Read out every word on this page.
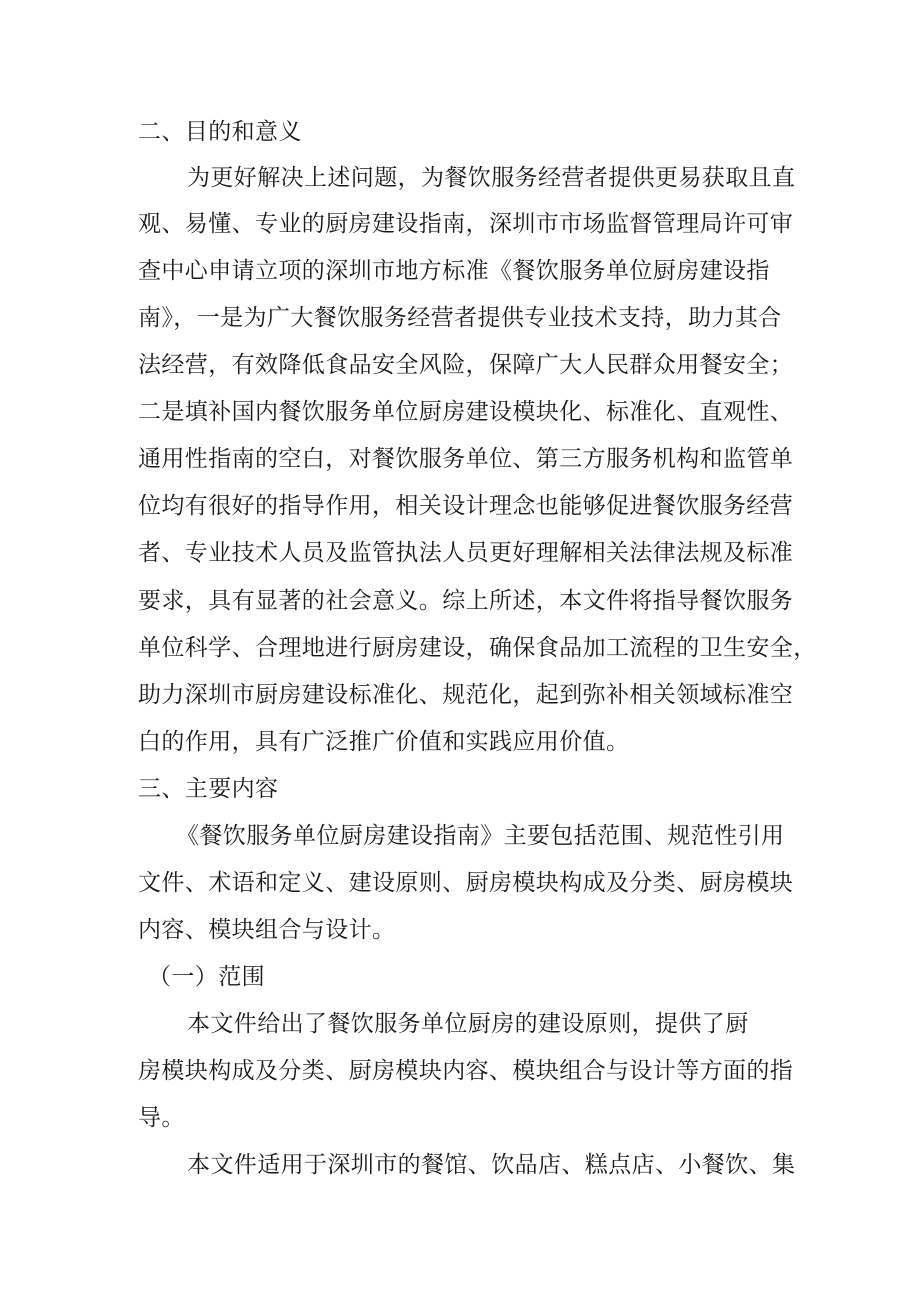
二、目的和意义
为更好解决上述问题，为餐饮服务经营者提供更易获取且直
观、易懂、专业的厨房建设指南，深圳市市场监督管理局许可审
查中心申请立项的深圳市地方标准《餐饮服务单位厨房建设指
南》，一是为广大餐饮服务经营者提供专业技术支持，助力其合
法经营，有效降低食品安全风险，保障广大人民群众用餐安全；
二是填补国内餐饮服务单位厨房建设模块化、标准化、直观性、
通用性指南的空白，对餐饮服务单位、第三方服务机构和监管单
位均有很好的指导作用，相关设计理念也能够促进餐饮服务经营
者、专业技术人员及监管执法人员更好理解相关法律法规及标准
要求，具有显著的社会意义。综上所述，本文件将指导餐饮服务
单位科学、合理地进行厨房建设，确保食品加工流程的卫生安全，
助力深圳市厨房建设标准化、规范化，起到弥补相关领域标准空
白的作用，具有广泛推广价值和实践应用价值。
三、主要内容
《餐饮服务单位厨房建设指南》主要包括范围、规范性引用
文件、术语和定义、建设原则、厨房模块构成及分类、厨房模块
内容、模块组合与设计。
（一）范围
本文件给出了餐饮服务单位厨房的建设原则，提供了厨
房模块构成及分类、厨房模块内容、模块组合与设计等方面的指
导。
本文件适用于深圳市的餐馆、饮品店、糕点店、小餐饮、集
